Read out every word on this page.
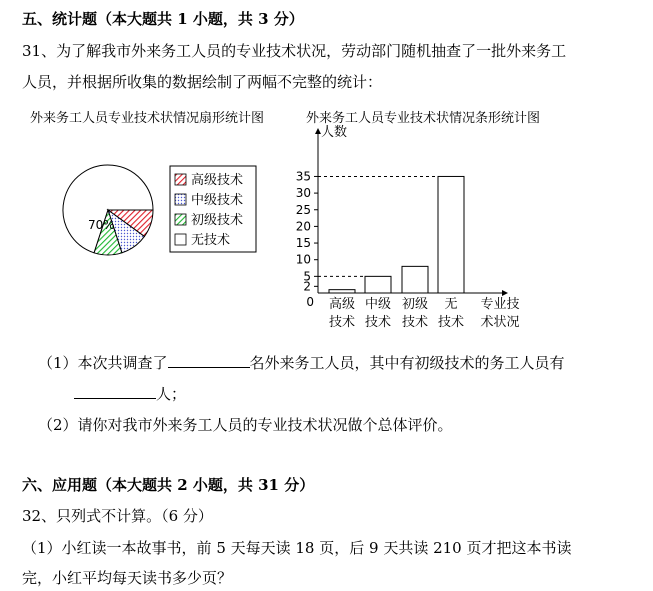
五、统计题（本大题共 1 小题，共 3 分）
31、为了解我市外来务工人员的专业技术状况，劳动部门随机抽查了一批外来务工
人员，并根据所收集的数据绘制了两幅不完整的统计：
外来务工人员专业技术状情况扇形统计图	外来务工人员专业技术状情况条形统计图
70%
高级技术
中级技术
初级技术
无技术
人数
2
5
10
15
20
25
30
35
0 高级
技术
中级
技术
初级
技术
无
技术
专业技
术状况
（1）本次共调查了	名外来务工人员，其中有初级技术的务工人员有
人；
（2）请你对我市外来务工人员的专业技术状况做个总体评价。
六、应用题（本大题共 2 小题，共 31 分）
32、只列式不计算。（6 分）
（1）小红读一本故事书，前 5 天每天读 18 页，后 9 天共读 210 页才把这本书读
完，小红平均每天读书多少页？
